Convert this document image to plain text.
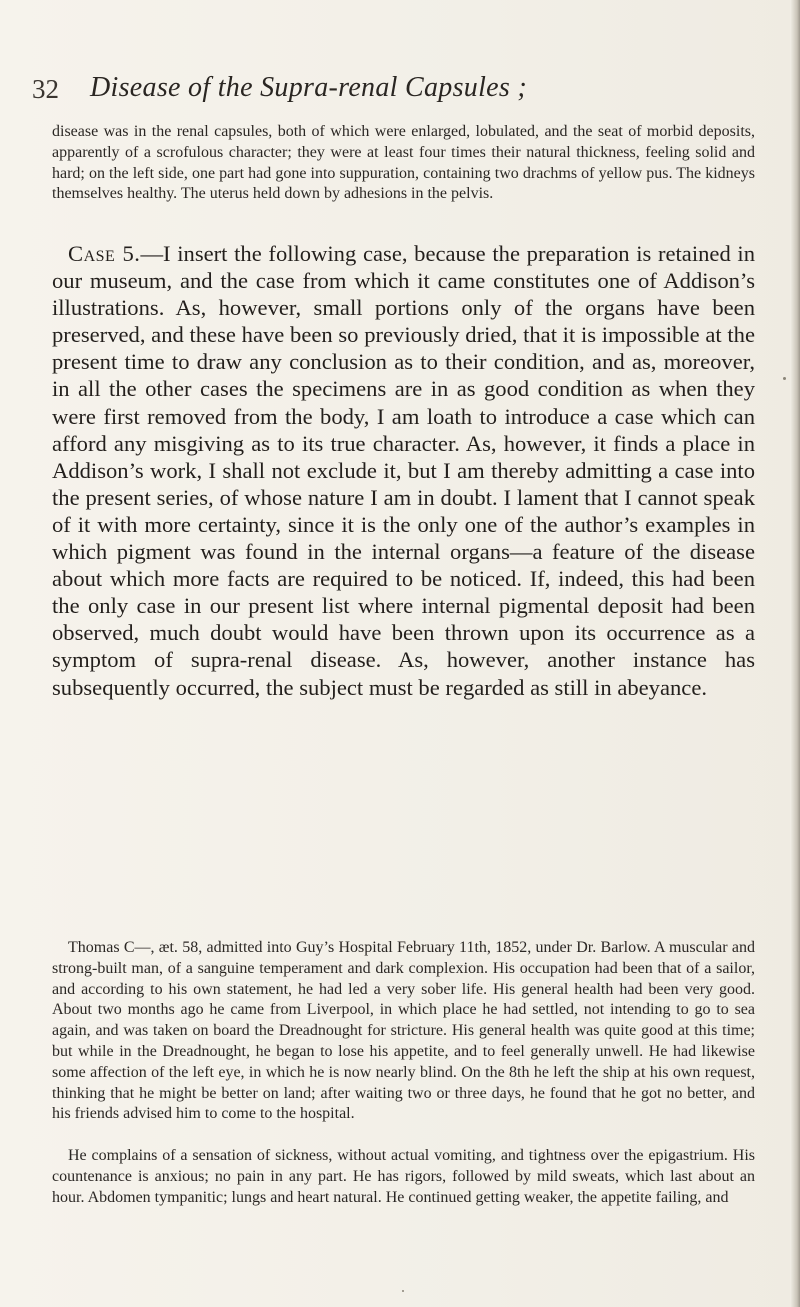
32 Disease of the Supra-renal Capsules ;

disease was in the renal capsules, both of which were enlarged, lobulated, and the seat of morbid deposits, apparently of a scrofulous character; they were at least four times their natural thickness, feeling solid and hard; on the left side, one part had gone into suppuration, containing two drachms of yellow pus. The kidneys themselves healthy. The uterus held down by adhesions in the pelvis.

Case 5.—I insert the following case, because the preparation is retained in our museum, and the case from which it came constitutes one of Addison’s illustrations. As, however, small portions only of the organs have been preserved, and these have been so previously dried, that it is impossible at the present time to draw any conclusion as to their condition, and as, moreover, in all the other cases the specimens are in as good condition as when they were first removed from the body, I am loath to introduce a case which can afford any misgiving as to its true character. As, however, it finds a place in Addison’s work, I shall not exclude it, but I am thereby admitting a case into the present series, of whose nature I am in doubt. I lament that I cannot speak of it with more certainty, since it is the only one of the author’s examples in which pigment was found in the internal organs—a feature of the disease about which more facts are required to be noticed. If, indeed, this had been the only case in our present list where internal pigmental deposit had been observed, much doubt would have been thrown upon its occurrence as a symptom of supra-renal disease. As, however, another instance has subsequently occurred, the subject must be regarded as still in abeyance.

Thomas C—, æt. 58, admitted into Guy’s Hospital February 11th, 1852, under Dr. Barlow. A muscular and strong-built man, of a sanguine temperament and dark complexion. His occupation had been that of a sailor, and according to his own statement, he had led a very sober life. His general health had been very good. About two months ago he came from Liverpool, in which place he had settled, not intending to go to sea again, and was taken on board the Dreadnought for stricture. His general health was quite good at this time; but while in the Dreadnought, he began to lose his appetite, and to feel generally unwell. He had likewise some affection of the left eye, in which he is now nearly blind. On the 8th he left the ship at his own request, thinking that he might be better on land; after waiting two or three days, he found that he got no better, and his friends advised him to come to the hospital.

He complains of a sensation of sickness, without actual vomiting, and tightness over the epigastrium. His countenance is anxious; no pain in any part. He has rigors, followed by mild sweats, which last about an hour. Abdomen tympanitic; lungs and heart natural. He continued getting weaker, the appetite failing, and
